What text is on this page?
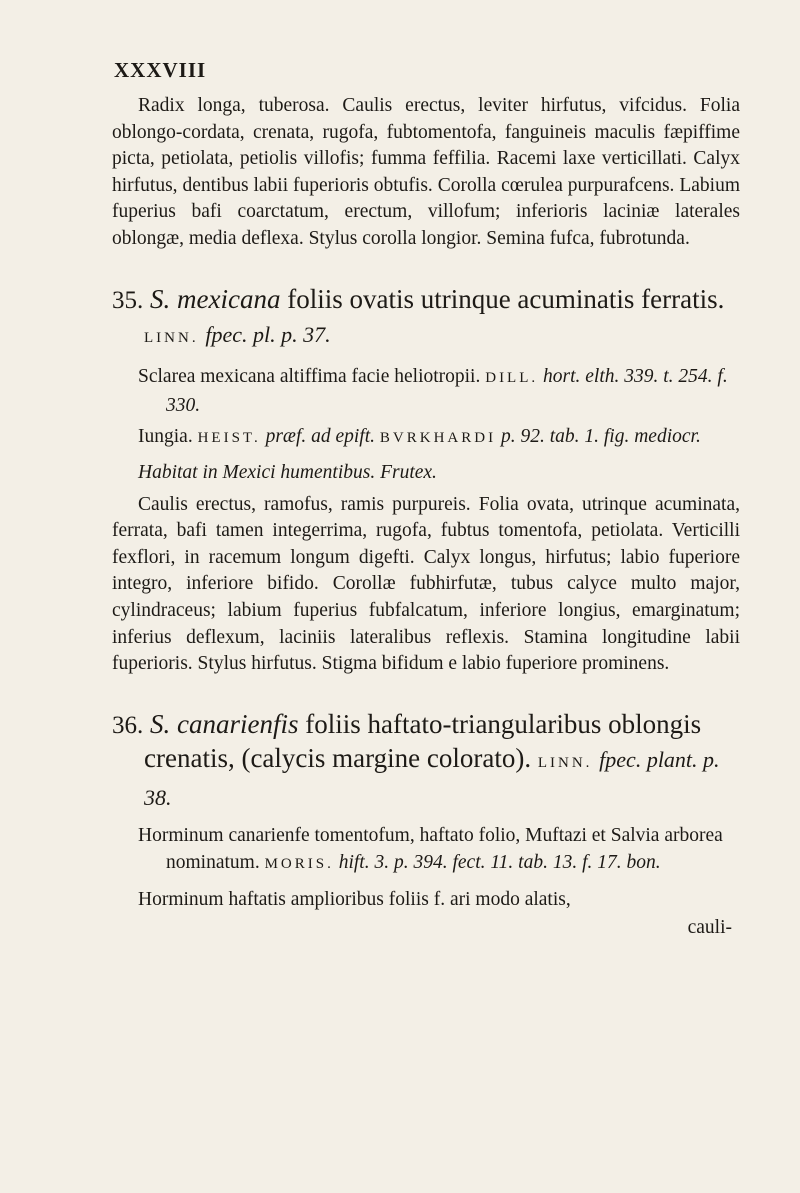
XXXVIII

Radix longa, tuberosa. Caulis erectus, leviter hirfutus, vifcidus. Folia oblongo-cordata, crenata, rugofa, fubtomentofa, fanguineis maculis fæpiffime picta, petiolata, petiolis villofis; fumma feffilia. Racemi laxe verticillati. Calyx hirfutus, dentibus labii fuperioris obtufis. Corolla cœrulea purpurafcens. Labium fuperius bafi coarctatum, erectum, villofum; inferioris laciniæ laterales oblongæ, media deflexa. Stylus corolla longior. Semina fufca, fubrotunda.

35. S. mexicana foliis ovatis utrinque acuminatis ferratis. LINN. fpec. pl. p. 37.
Sclarea mexicana altiffima facie heliotropii. DILL. hort. elth. 339. t. 254. f. 330.
Iungia. HEIST. præf. ad epift. BVRKHARDI p. 92. tab. 1. fig. mediocr.
Habitat in Mexici humentibus. Frutex.

Caulis erectus, ramofus, ramis purpureis. Folia ovata, utrinque acuminata, ferrata, bafi tamen integerrima, rugofa, fubtus tomentofa, petiolata. Verticilli fexflori, in racemum longum digefti. Calyx longus, hirfutus; labio fuperiore integro, inferiore bifido. Corollæ fubhirfutæ, tubus calyce multo major, cylindraceus; labium fuperius fubfalcatum, inferiore longius, emarginatum; inferius deflexum, laciniis lateralibus reflexis. Stamina longitudine labii fuperioris. Stylus hirfutus. Stigma bifidum e labio fuperiore prominens.

36. S. canarienfis foliis haftato-triangularibus oblongis crenatis, (calycis margine colorato). LINN. fpec. plant. p. 38.
Horminum canarienfe tomentofum, haftato folio, Muftazi et Salvia arborea nominatum. MORIS. hift. 3. p. 394. fect. 11. tab. 13. f. 17. bon.
Horminum haftatis amplioribus foliis f. ari modo alatis,
cauli-
